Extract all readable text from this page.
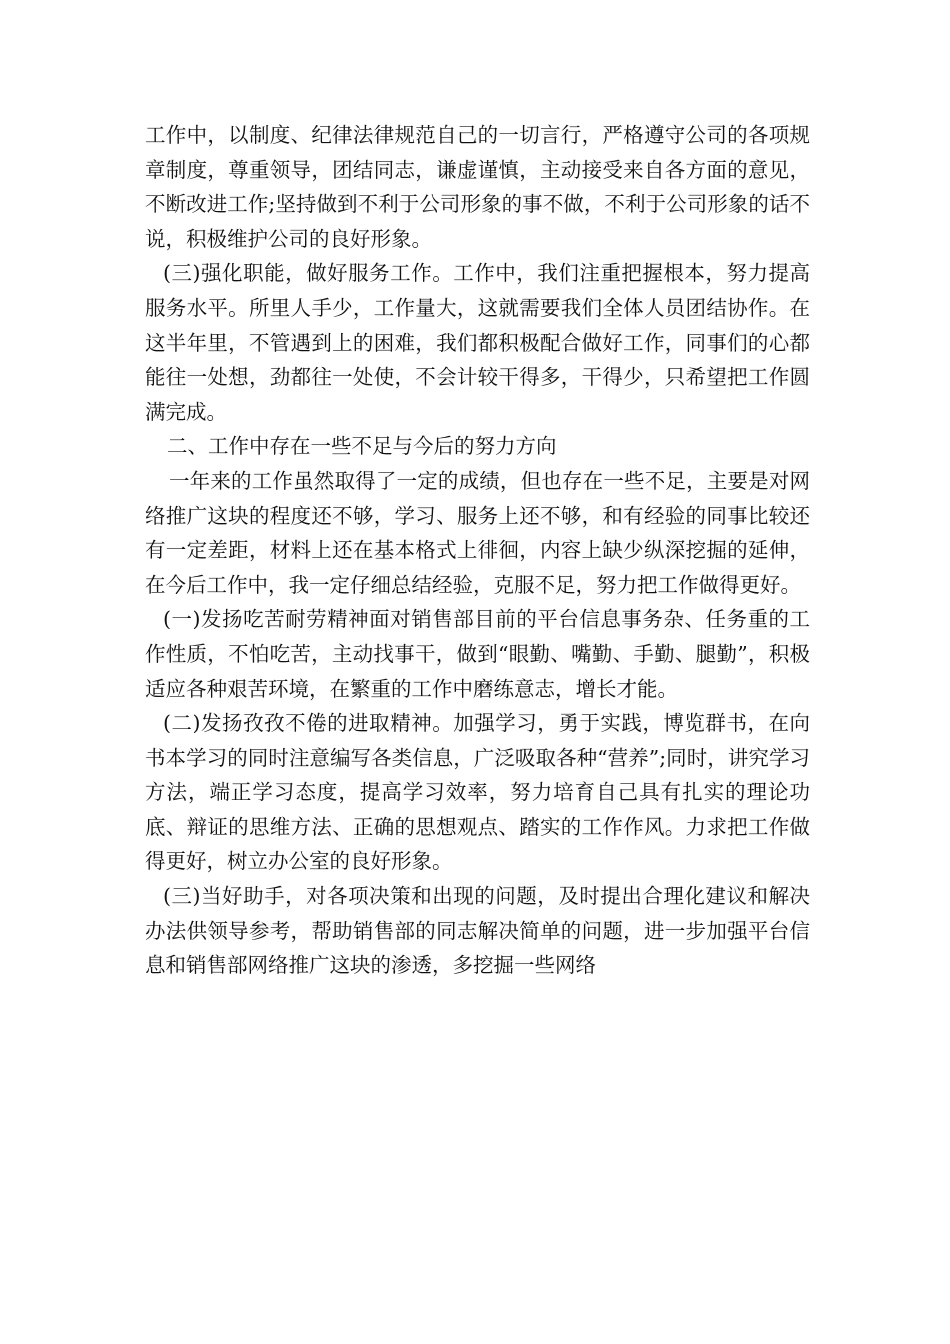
工作中，以制度、纪律法律规范自己的一切言行，严格遵守公司的各项规章制度，尊重领导，团结同志，谦虚谨慎，主动接受来自各方面的意见，不断改进工作;坚持做到不利于公司形象的事不做，不利于公司形象的话不说，积极维护公司的良好形象。

(三)强化职能，做好服务工作。工作中，我们注重把握根本，努力提高服务水平。所里人手少，工作量大，这就需要我们全体人员团结协作。在这半年里，不管遇到上的困难，我们都积极配合做好工作，同事们的心都能往一处想，劲都往一处使，不会计较干得多，干得少，只希望把工作圆满完成。

二、工作中存在一些不足与今后的努力方向

一年来的工作虽然取得了一定的成绩，但也存在一些不足，主要是对网络推广这块的程度还不够，学习、服务上还不够，和有经验的同事比较还有一定差距，材料上还在基本格式上徘徊，内容上缺少纵深挖掘的延伸，在今后工作中，我一定仔细总结经验，克服不足，努力把工作做得更好。

(一)发扬吃苦耐劳精神面对销售部目前的平台信息事务杂、任务重的工作性质，不怕吃苦，主动找事干，做到“眼勤、嘴勤、手勤、腿勤”，积极适应各种艰苦环境，在繁重的工作中磨练意志，增长才能。

(二)发扬孜孜不倦的进取精神。加强学习，勇于实践，博览群书，在向书本学习的同时注意编写各类信息，广泛吸取各种“营养”;同时，讲究学习方法，端正学习态度，提高学习效率，努力培育自己具有扎实的理论功底、辩证的思维方法、正确的思想观点、踏实的工作作风。力求把工作做得更好，树立办公室的良好形象。

(三)当好助手，对各项决策和出现的问题，及时提出合理化建议和解决办法供领导参考，帮助销售部的同志解决简单的问题，进一步加强平台信息和销售部网络推广这块的渗透，多挖掘一些网络
